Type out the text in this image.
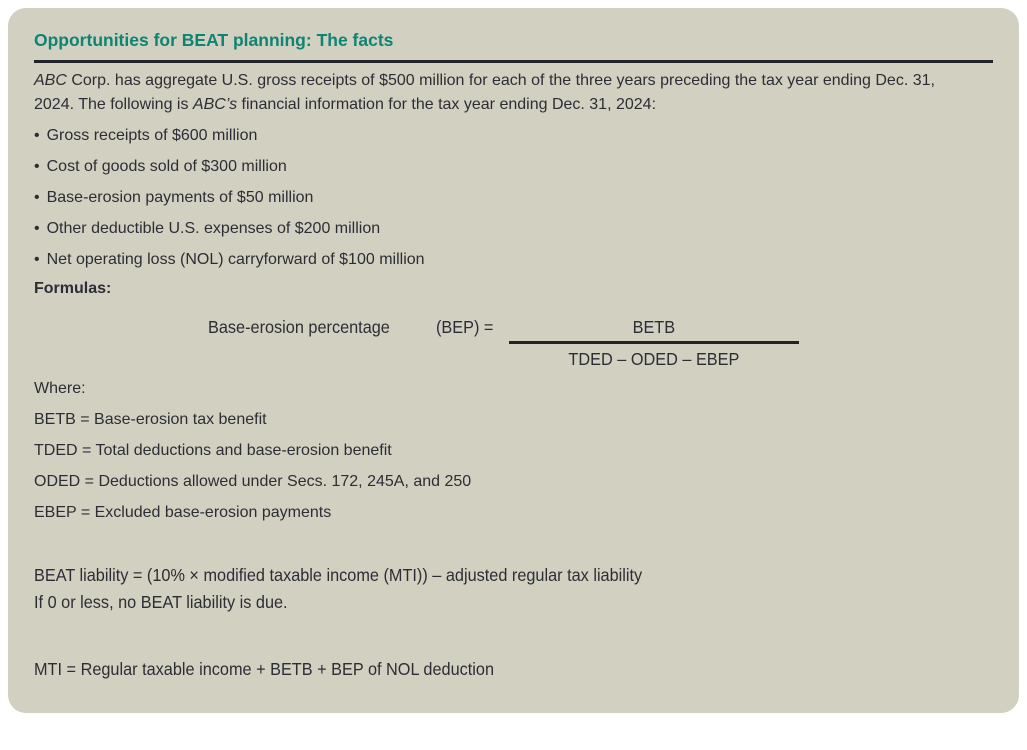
Opportunities for BEAT planning: The facts

ABC Corp. has aggregate U.S. gross receipts of $500 million for each of the three years preceding the tax year ending Dec. 31,
2024. The following is ABC’s financial information for the tax year ending Dec. 31, 2024:

• Gross receipts of $600 million
• Cost of goods sold of $300 million
• Base-erosion payments of $50 million
• Other deductible U.S. expenses of $200 million
• Net operating loss (NOL) carryforward of $100 million
Formulas:
Base-erosion percentage	$(BEP) = \frac{\text{BETB}}{\text{TDED – ODED – EBEP}}$
Where:
BETB = Base-erosion tax benefit
TDED = Total deductions and base-erosion benefit
ODED = Deductions allowed under Secs. 172, 245A, and 250
EBEP = Excluded base-erosion payments
BEAT liability = (10% × modified taxable income (MTI)) – adjusted regular tax liability
If 0 or less, no BEAT liability is due.
MTI = Regular taxable income + BETB + BEP of NOL deduction
